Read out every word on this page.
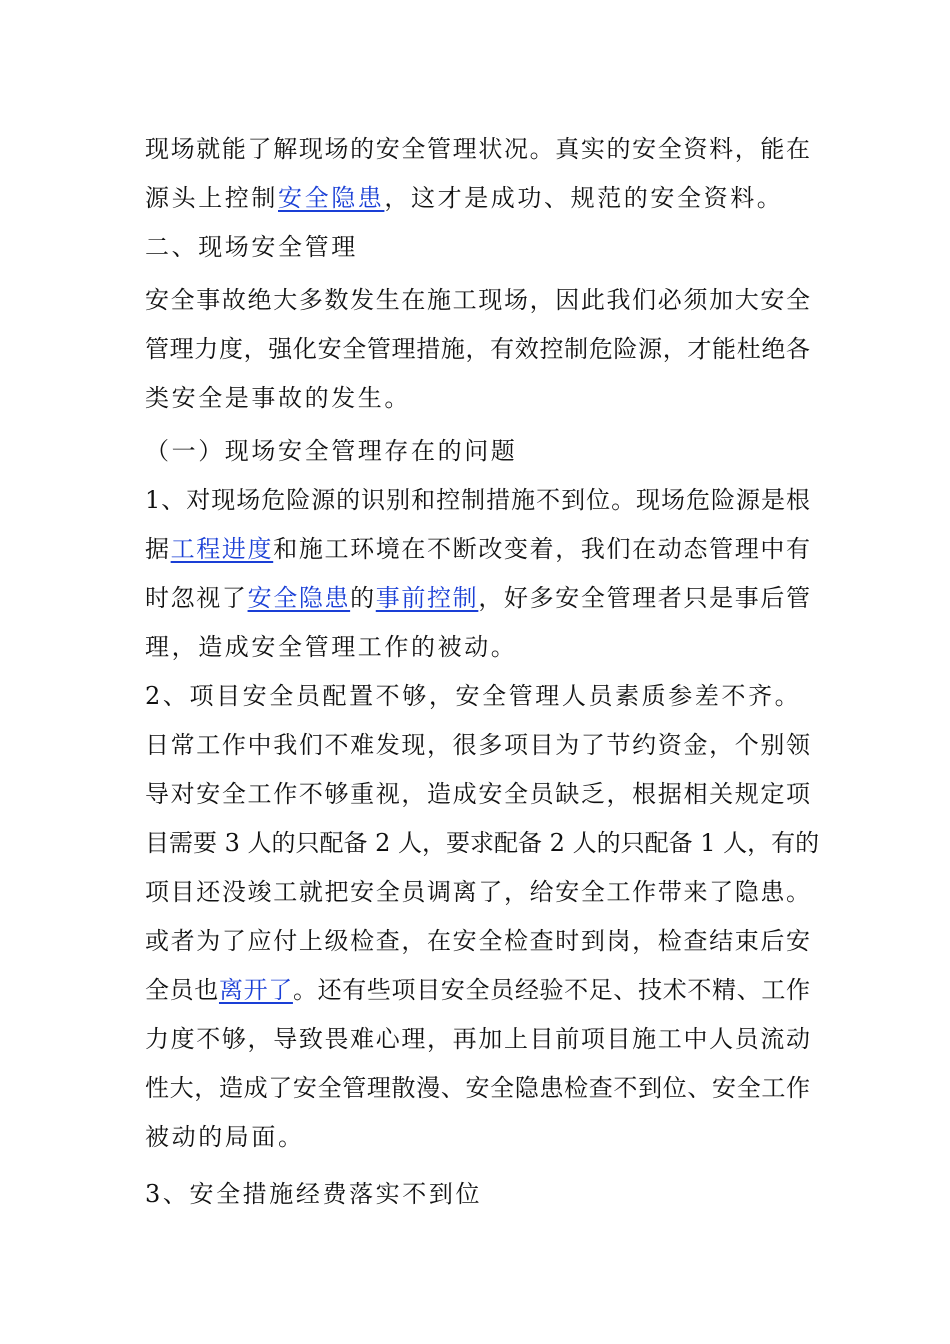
现场就能了解现场的安全管理状况。真实的安全资料，能在
源头上控制安全隐患，这才是成功、规范的安全资料。
二、现场安全管理
安全事故绝大多数发生在施工现场，因此我们必须加大安全
管理力度，强化安全管理措施，有效控制危险源，才能杜绝各
类安全是事故的发生。
（一）现场安全管理存在的问题
1、对现场危险源的识别和控制措施不到位。现场危险源是根
据工程进度和施工环境在不断改变着，我们在动态管理中有
时忽视了安全隐患的事前控制，好多安全管理者只是事后管
理，造成安全管理工作的被动。
2、项目安全员配置不够，安全管理人员素质参差不齐。
日常工作中我们不难发现，很多项目为了节约资金，个别领
导对安全工作不够重视，造成安全员缺乏，根据相关规定项
目需要 3 人的只配备 2 人，要求配备 2 人的只配备 1 人，有的
项目还没竣工就把安全员调离了，给安全工作带来了隐患。
或者为了应付上级检查，在安全检查时到岗，检查结束后安
全员也离开了。还有些项目安全员经验不足、技术不精、工作
力度不够，导致畏难心理，再加上目前项目施工中人员流动
性大，造成了安全管理散漫、安全隐患检查不到位、安全工作
被动的局面。
3、安全措施经费落实不到位
